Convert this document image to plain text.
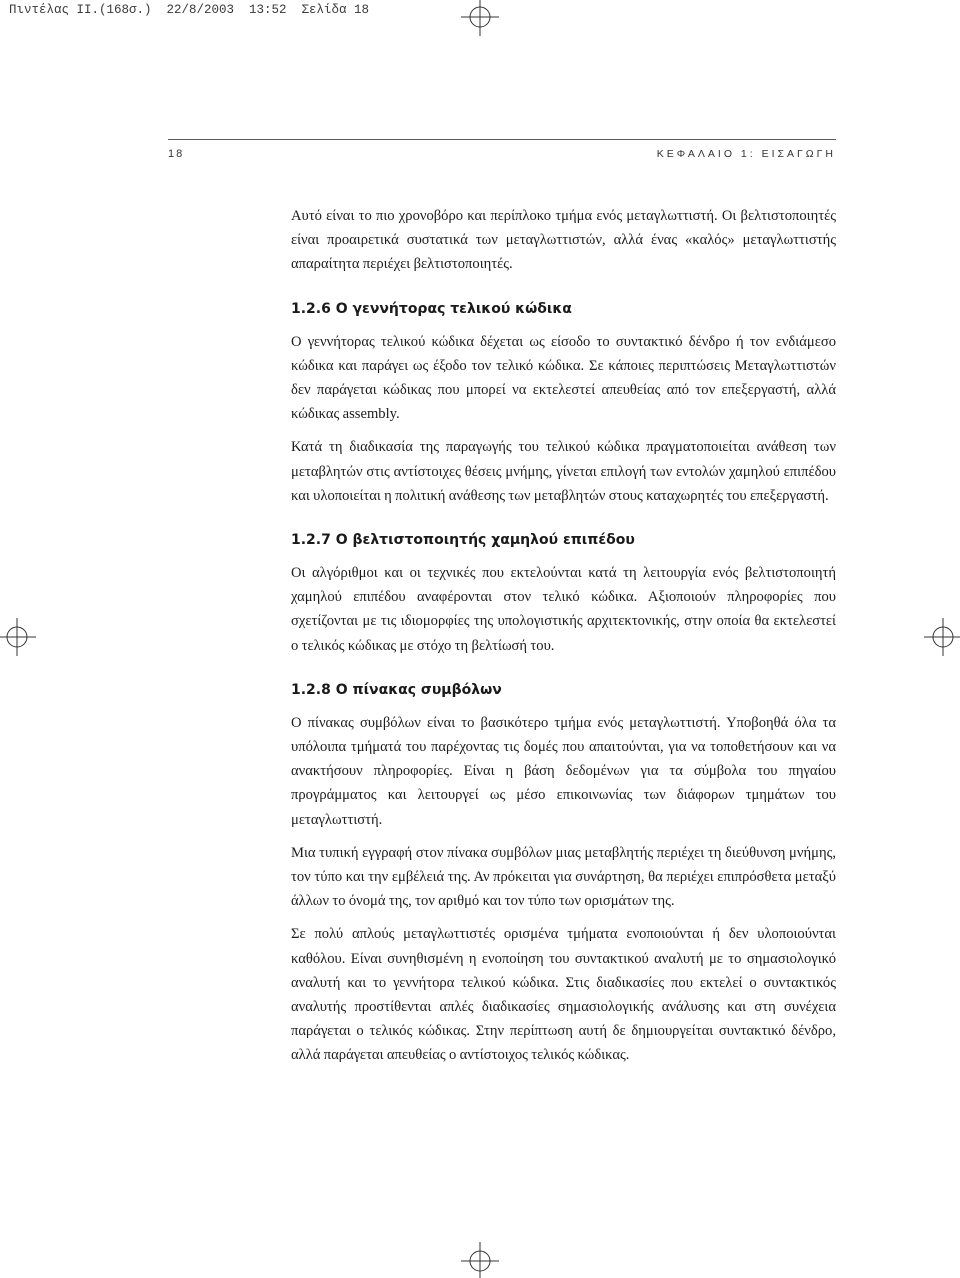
Πιντέλας ΙΙ.(168σ.)  22/8/2003  13:52  Σελίδα 18
18	ΚΕΦΑΛΑΙΟ 1: ΕΙΣΑΓΩΓΗ

Αυτό είναι το πιο χρονοβόρο και περίπλοκο τμήμα ενός μεταγλωττιστή. Οι βελτιστοποιητές είναι προαιρετικά συστατικά των μεταγλωττιστών, αλλά ένας «καλός» μεταγλωττιστής απαραίτητα περιέχει βελτιστοποιητές.

1.2.6 Ο γεννήτορας τελικού κώδικα

Ο γεννήτορας τελικού κώδικα δέχεται ως είσοδο το συντακτικό δένδρο ή τον ενδιάμεσο κώδικα και παράγει ως έξοδο τον τελικό κώδικα. Σε κάποιες περιπτώσεις Μεταγλωττιστών δεν παράγεται κώδικας που μπορεί να εκτελεστεί απευθείας από τον επεξεργαστή, αλλά κώδικας assembly.

Κατά τη διαδικασία της παραγωγής του τελικού κώδικα πραγματοποιείται ανάθεση των μεταβλητών στις αντίστοιχες θέσεις μνήμης, γίνεται επιλογή των εντολών χαμηλού επιπέδου και υλοποιείται η πολιτική ανάθεσης των μεταβλητών στους καταχωρητές του επεξεργαστή.

1.2.7 Ο βελτιστοποιητής χαμηλού επιπέδου

Οι αλγόριθμοι και οι τεχνικές που εκτελούνται κατά τη λειτουργία ενός βελτιστοποιητή χαμηλού επιπέδου αναφέρονται στον τελικό κώδικα. Αξιοποιούν πληροφορίες που σχετίζονται με τις ιδιομορφίες της υπολογιστικής αρχιτεκτονικής, στην οποία θα εκτελεστεί ο τελικός κώδικας με στόχο τη βελτίωσή του.

1.2.8 Ο πίνακας συμβόλων

Ο πίνακας συμβόλων είναι το βασικότερο τμήμα ενός μεταγλωττιστή. Υποβοηθά όλα τα υπόλοιπα τμήματά του παρέχοντας τις δομές που απαιτούνται, για να τοποθετήσουν και να ανακτήσουν πληροφορίες. Είναι η βάση δεδομένων για τα σύμβολα του πηγαίου προγράμματος και λειτουργεί ως μέσο επικοινωνίας των διάφορων τμημάτων του μεταγλωττιστή.

Μια τυπική εγγραφή στον πίνακα συμβόλων μιας μεταβλητής περιέχει τη διεύθυνση μνήμης, τον τύπο και την εμβέλειά της. Αν πρόκειται για συνάρτηση, θα περιέχει επιπρόσθετα μεταξύ άλλων το όνομά της, τον αριθμό και τον τύπο των ορισμάτων της.

Σε πολύ απλούς μεταγλωττιστές ορισμένα τμήματα ενοποιούνται ή δεν υλοποιούνται καθόλου. Είναι συνηθισμένη η ενοποίηση του συντακτικού αναλυτή με το σημασιολογικό αναλυτή και το γεννήτορα τελικού κώδικα. Στις διαδικασίες που εκτελεί ο συντακτικός αναλυτής προστίθενται απλές διαδικασίες σημασιολογικής ανάλυσης και στη συνέχεια παράγεται ο τελικός κώδικας. Στην περίπτωση αυτή δε δημιουργείται συντακτικό δένδρο, αλλά παράγεται απευθείας ο αντίστοιχος τελικός κώδικας.
